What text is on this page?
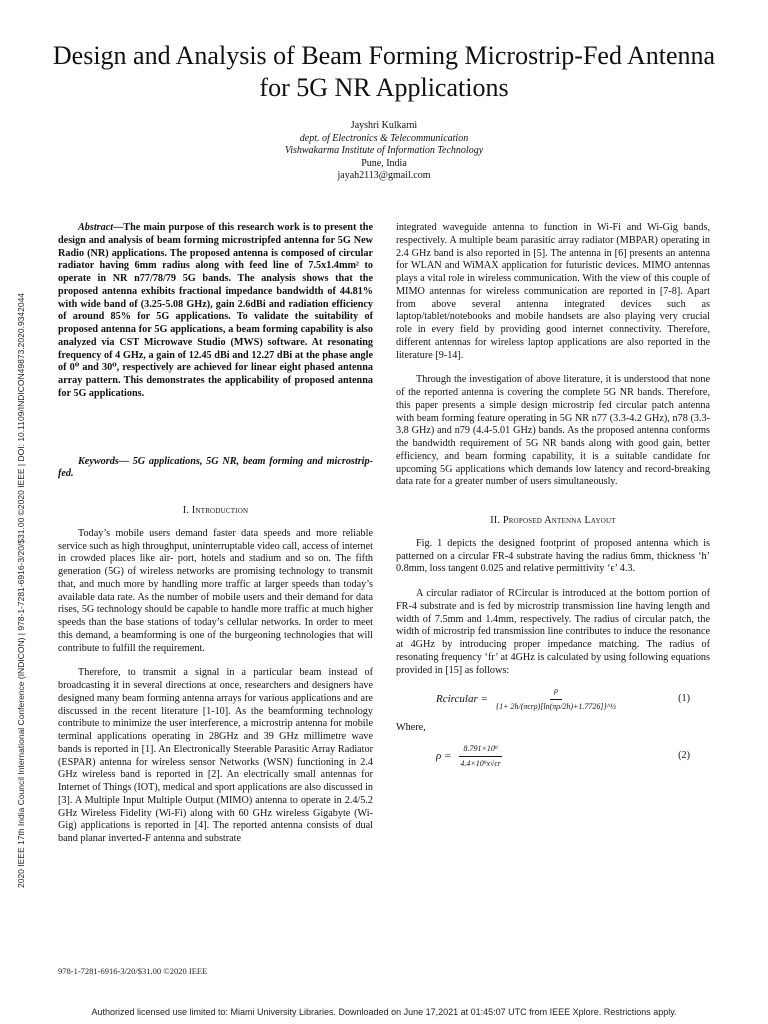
Design and Analysis of Beam Forming Microstrip-Fed Antenna for 5G NR Applications
Jayshri Kulkarni
dept. of Electronics & Telecommunication
Vishwakarma Institute of Information Technology
Pune, India
jayah2113@gmail.com
2020 IEEE 17th India Council International Conference (INDICON) | 978-1-7281-6916-3/20/$31.00 ©2020 IEEE | DOI: 10.1109/INDICON49873.2020.9342044

Abstract—The main purpose of this research work is to present the design and analysis of beam forming microstripfed antenna for 5G New Radio (NR) applications. The proposed antenna is composed of circular radiator having 6mm radius along with feed line of 7.5x1.4mm² to operate in NR n77/78/79 5G bands. The analysis shows that the proposed antenna exhibits fractional impedance bandwidth of 44.81% with wide band of (3.25-5.08 GHz), gain 2.6dBi and radiation efficiency of around 85% for 5G applications. To validate the suitability of proposed antenna for 5G applications, a beam forming capability is also analyzed via CST Microwave Studio (MWS) software. At resonating frequency of 4 GHz, a gain of 12.45 dBi and 12.27 dBi at the phase angle of 0⁰ and 30⁰, respectively are achieved for linear eight phased antenna array pattern. This demonstrates the applicability of proposed antenna for 5G applications.

Keywords— 5G applications, 5G NR, beam forming and microstrip-fed.

I. Introduction

Today’s mobile users demand faster data speeds and more reliable service such as high throughput, uninterruptable video call, access of internet in crowded places like air- port, hotels and stadium and so on. The fifth generation (5G) of wireless networks are promising technology to transmit that, and much more by handling more traffic at larger speeds than today’s available data rate. As the number of mobile users and their demand for data rises, 5G technology should be capable to handle more traffic at much higher speeds than the base stations of today’s cellular networks. In order to meet this demand, a beamforming is one of the burgeoning technologies that will contribute to fulfill the requirement.

Therefore, to transmit a signal in a particular beam instead of broadcasting it in several directions at once, researchers and designers have designed many beam forming antenna arrays for various applications and are discussed in the recent literature [1-10]. As the beamforming technology contribute to minimize the user interference, a microstrip antenna for mobile terminal applications operating in 28GHz and 39 GHz millimetre wave bands is reported in [1]. An Electronically Steerable Parasitic Array Radiator (ESPAR) antenna for wireless sensor Networks (WSN) functioning in 2.4 GHz wireless band is reported in [2]. An electrically small antennas for Internet of Things (IOT), medical and sport applications are also discussed in [3]. A Multiple Input Multiple Output (MIMO) antenna to operate in 2.4/5.2 GHz Wireless Fidelity (Wi-Fi) along with 60 GHz wireless Gigabyte (Wi-Gig) applications is reported in [4]. The reported antenna consists of dual band planar inverted-F antenna and substrate

integrated waveguide antenna to function in Wi-Fi and Wi-Gig bands, respectively. A multiple beam parasitic array radiator (MBPAR) operating in 2.4 GHz band is also reported in [5]. The antenna in [6] presents an antenna for WLAN and WiMAX application for futuristic devices. MIMO antennas plays a vital role in wireless communication. With the view of this couple of MIMO antennas for wireless communication are reported in [7-8]. Apart from above several antenna integrated devices such as laptop/tablet/notebooks and mobile handsets are also playing very crucial role in every field by providing good internet connectivity. Therefore, different antennas for wireless laptop applications are also reported in the literature [9-14].

Through the investigation of above literature, it is understood that none of the reported antenna is covering the complete 5G NR bands. Therefore, this paper presents a simple design microstrip fed circular patch antenna with beam forming feature operating in 5G NR n77 (3.3-4.2 GHz), n78 (3.3-3.8 GHz) and n79 (4.4-5.01 GHz) bands. As the proposed antenna conforms the bandwidth requirement of 5G NR bands along with good gain, better efficiency, and beam forming capability, it is a suitable candidate for upcoming 5G applications which demands low latency and record-breaking data rate for a greater number of users simultaneously.

II. Proposed Antenna Layout

Fig. 1 depicts the designed footprint of proposed antenna which is patterned on a circular FR-4 substrate having the radius 6mm, thickness ‘h’ 0.8mm, loss tangent 0.025 and relative permittivity ‘ϵ’ 4.3.

A circular radiator of RCircular is introduced at the bottom portion of FR-4 substrate and is fed by microstrip transmission line having length and width of 7.5mm and 1.4mm, respectively. The radius of circular patch, the width of microstrip fed transmission line contributes to induce the resonance at 4GHz by introducing proper impedance matching. The radius of resonating frequency ‘fr’ at 4GHz is calculated by using following equations provided in [15] as follows:

Rcircular = $\frac{\rho}{\text{\{1+ 2h/(πϵrρ)[ln(πρ/2h)+1.7726]\}\textasciicircum{}½}}$	(1)

Where,

$\rho = \frac{\text{8.791×10⁹}}{\text{4.4×10⁹x√ϵr}}$	(2)
978-1-7281-6916-3/20/$31.00 ©2020 IEEE
Authorized licensed use limited to: Miami University Libraries. Downloaded on June 17,2021 at 01:45:07 UTC from IEEE Xplore. Restrictions apply.
